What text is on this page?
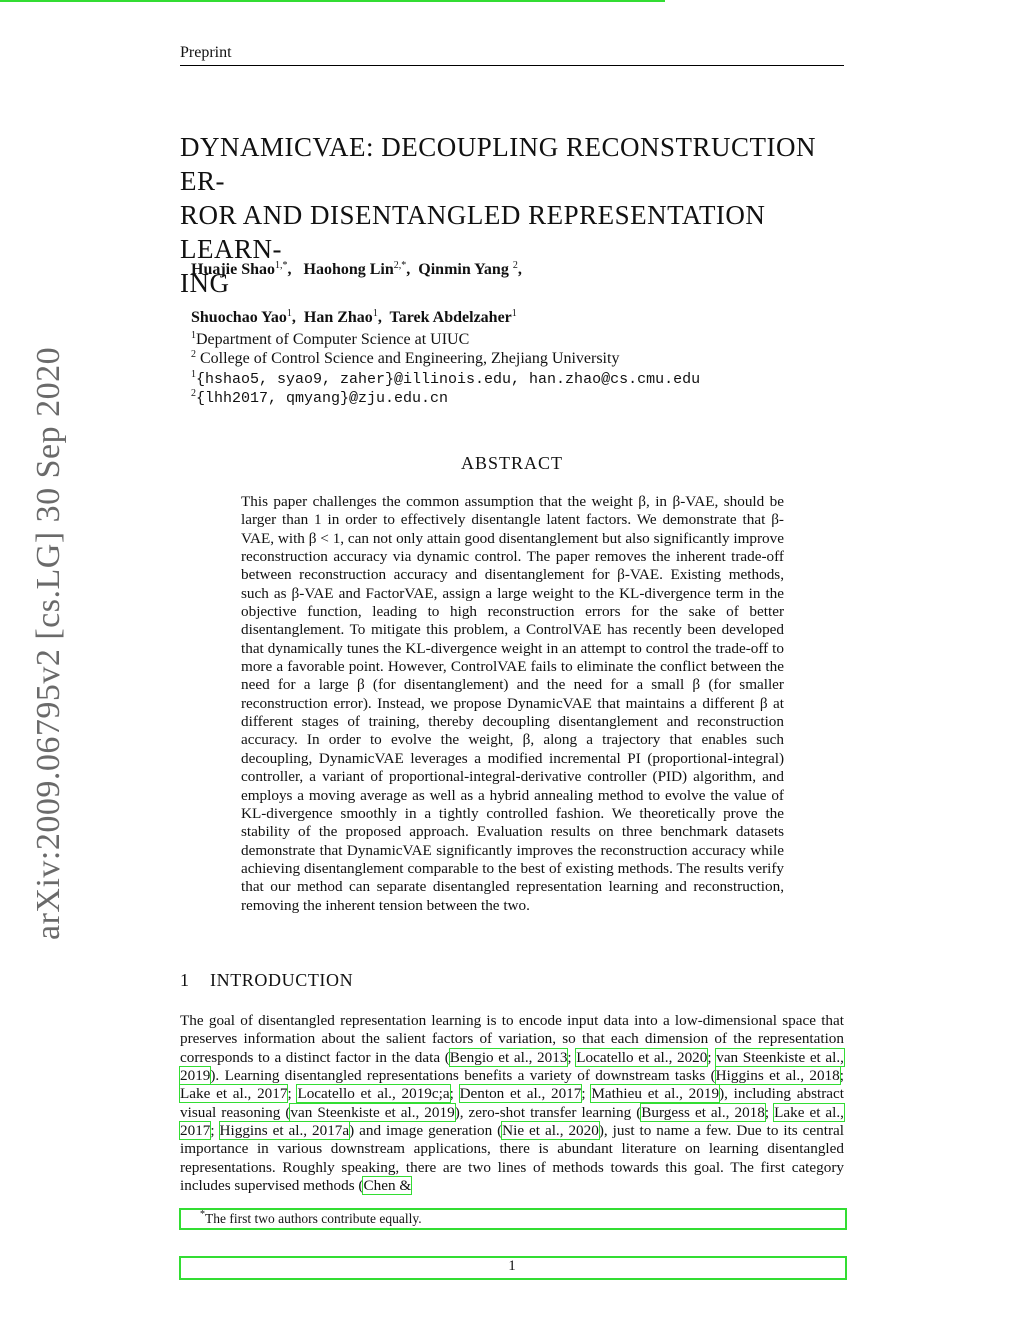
Preprint
DYNAMICVAE: DECOUPLING RECONSTRUCTION ER-
ROR AND DISENTANGLED REPRESENTATION LEARN-
ING
Huajie Shao$^{1,*}$,   Haohong Lin$^{2,*}$,  Qinmin Yang $^2$,
Shuochao Yao$^1$,  Han Zhao$^1$,  Tarek Abdelzaher$^1$
$^1$Department of Computer Science at UIUC
$^2$ College of Control Science and Engineering, Zhejiang University
$^1${hshao5, syao9, zaher}@illinois.edu, han.zhao@cs.cmu.edu
$^2${lhh2017, qmyang}@zju.edu.cn
ABSTRACT

This paper challenges the common assumption that the weight β, in β-VAE, should be larger than 1 in order to effectively disentangle latent factors. We demonstrate that β-VAE, with β < 1, can not only attain good disentanglement but also significantly improve reconstruction accuracy via dynamic control. The paper removes the inherent trade-off between reconstruction accuracy and disentanglement for β-VAE. Existing methods, such as β-VAE and FactorVAE, assign a large weight to the KL-divergence term in the objective function, leading to high reconstruction errors for the sake of better disentanglement. To mitigate this problem, a ControlVAE has recently been developed that dynamically tunes the KL-divergence weight in an attempt to control the trade-off to more a favorable point. However, ControlVAE fails to eliminate the conflict between the need for a large β (for disentanglement) and the need for a small β (for smaller reconstruction error). Instead, we propose DynamicVAE that maintains a different β at different stages of training, thereby decoupling disentanglement and reconstruction accuracy. In order to evolve the weight, β, along a trajectory that enables such decoupling, DynamicVAE leverages a modified incremental PI (proportional-integral) controller, a variant of proportional-integral-derivative controller (PID) algorithm, and employs a moving average as well as a hybrid annealing method to evolve the value of KL-divergence smoothly in a tightly controlled fashion. We theoretically prove the stability of the proposed approach. Evaluation results on three benchmark datasets demonstrate that DynamicVAE significantly improves the reconstruction accuracy while achieving disentanglement comparable to the best of existing methods. The results verify that our method can separate disentangled representation learning and reconstruction, removing the inherent tension between the two.

1 INTRODUCTION

The goal of disentangled representation learning is to encode input data into a low-dimensional space that preserves information about the salient factors of variation, so that each dimension of the representation corresponds to a distinct factor in the data (Bengio et al., 2013; Locatello et al., 2020; van Steenkiste et al., 2019). Learning disentangled representations benefits a variety of downstream tasks (Higgins et al., 2018; Lake et al., 2017; Locatello et al., 2019c;a; Denton et al., 2017; Mathieu et al., 2019), including abstract visual reasoning (van Steenkiste et al., 2019), zero-shot transfer learning (Burgess et al., 2018; Lake et al., 2017; Higgins et al., 2017a) and image generation (Nie et al., 2020), just to name a few. Due to its central importance in various downstream applications, there is abundant literature on learning disentangled representations. Roughly speaking, there are two lines of methods towards this goal. The first category includes supervised methods (Chen &

*The first two authors contribute equally.
1
arXiv:2009.06795v2 [cs.LG] 30 Sep 2020
